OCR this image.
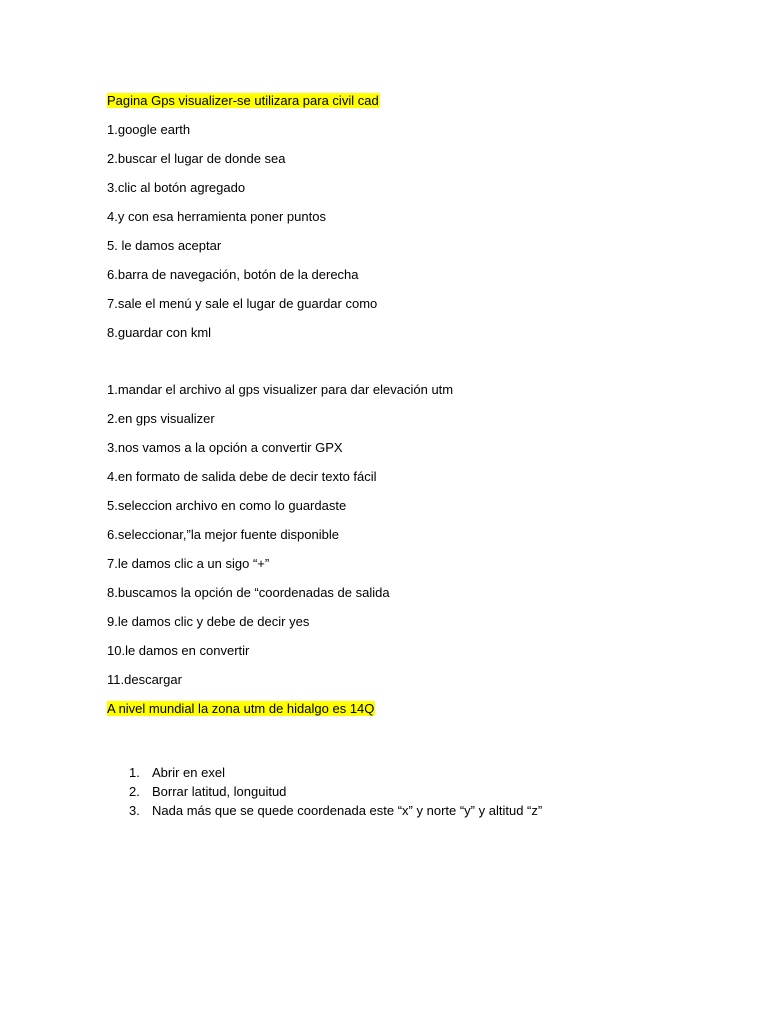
Pagina Gps visualizer-se utilizara para civil cad
1.google earth
2.buscar el lugar de donde sea
3.clic al botón agregado
4.y con esa herramienta poner puntos
5. le damos aceptar
6.barra de navegación, botón de la derecha
7.sale el menú y sale el lugar de guardar como
8.guardar con kml
1.mandar el archivo al gps visualizer para dar elevación utm
2.en gps visualizer
3.nos vamos a la opción a convertir GPX
4.en formato de salida debe de decir texto fácil
5.seleccion archivo en como lo guardaste
6.seleccionar,”la mejor fuente disponible
7.le damos clic a un sigo “+”
8.buscamos la opción de “coordenadas de salida
9.le damos clic y debe de decir yes
10.le damos en convertir
11.descargar
A nivel mundial la zona utm de hidalgo es 14Q
1. Abrir en exel
2. Borrar latitud, longuitud
3. Nada más que se quede coordenada este “x” y norte “y” y altitud “z”
